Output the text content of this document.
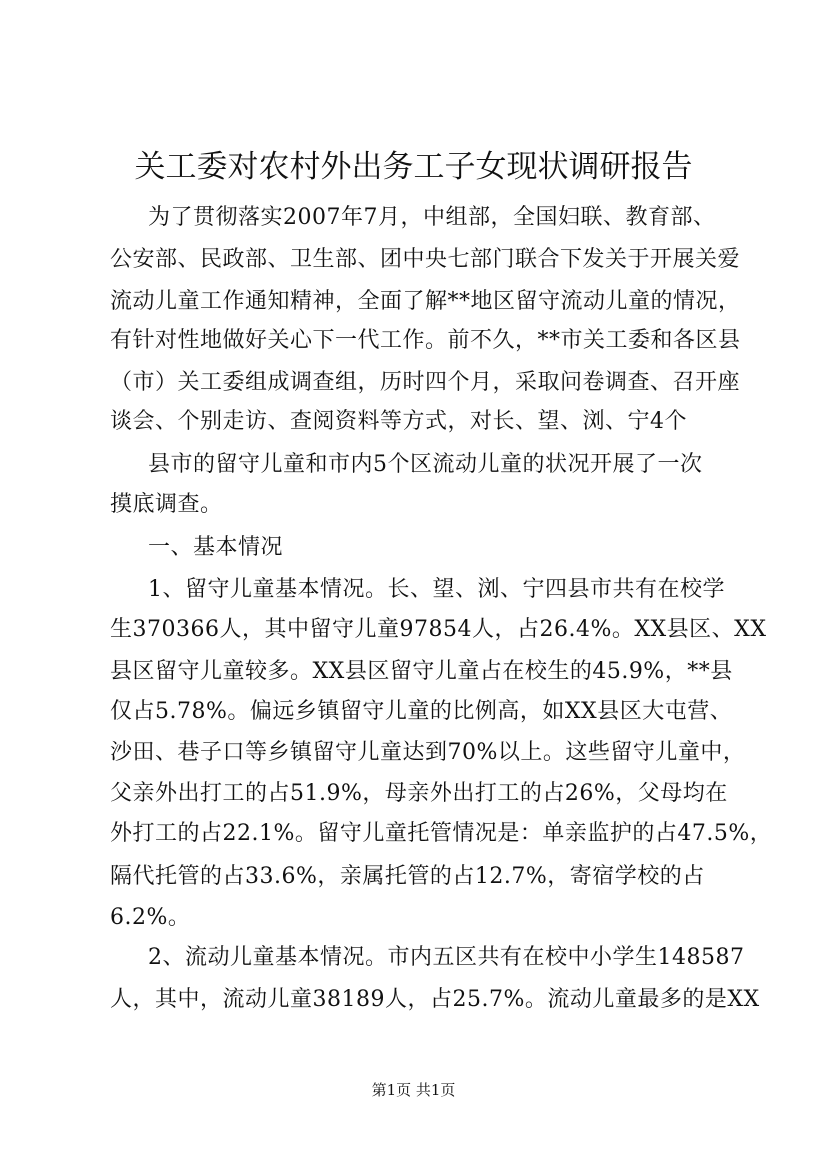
关工委对农村外出务工子女现状调研报告
为了贯彻落实2007年7月，中组部，全国妇联、教育部、
公安部、民政部、卫生部、团中央七部门联合下发关于开展关爱
流动儿童工作通知精神，全面了解**地区留守流动儿童的情况，
有针对性地做好关心下一代工作。前不久，**市关工委和各区县
（市）关工委组成调查组，历时四个月，采取问卷调查、召开座
谈会、个别走访、查阅资料等方式，对长、望、浏、宁4个
县市的留守儿童和市内5个区流动儿童的状况开展了一次
摸底调查。
一、基本情况
1、留守儿童基本情况。长、望、浏、宁四县市共有在校学
生370366人，其中留守儿童97854人，占26.4%。XX县区、XX
县区留守儿童较多。XX县区留守儿童占在校生的45.9%，**县
仅占5.78%。偏远乡镇留守儿童的比例高，如XX县区大屯营、
沙田、巷子口等乡镇留守儿童达到70%以上。这些留守儿童中，
父亲外出打工的占51.9%，母亲外出打工的占26%，父母均在
外打工的占22.1%。留守儿童托管情况是：单亲监护的占47.5%，
隔代托管的占33.6%，亲属托管的占12.7%，寄宿学校的占
6.2%。
2、流动儿童基本情况。市内五区共有在校中小学生148587
人，其中，流动儿童38189人，占25.7%。流动儿童最多的是XX
第1页 共1页
